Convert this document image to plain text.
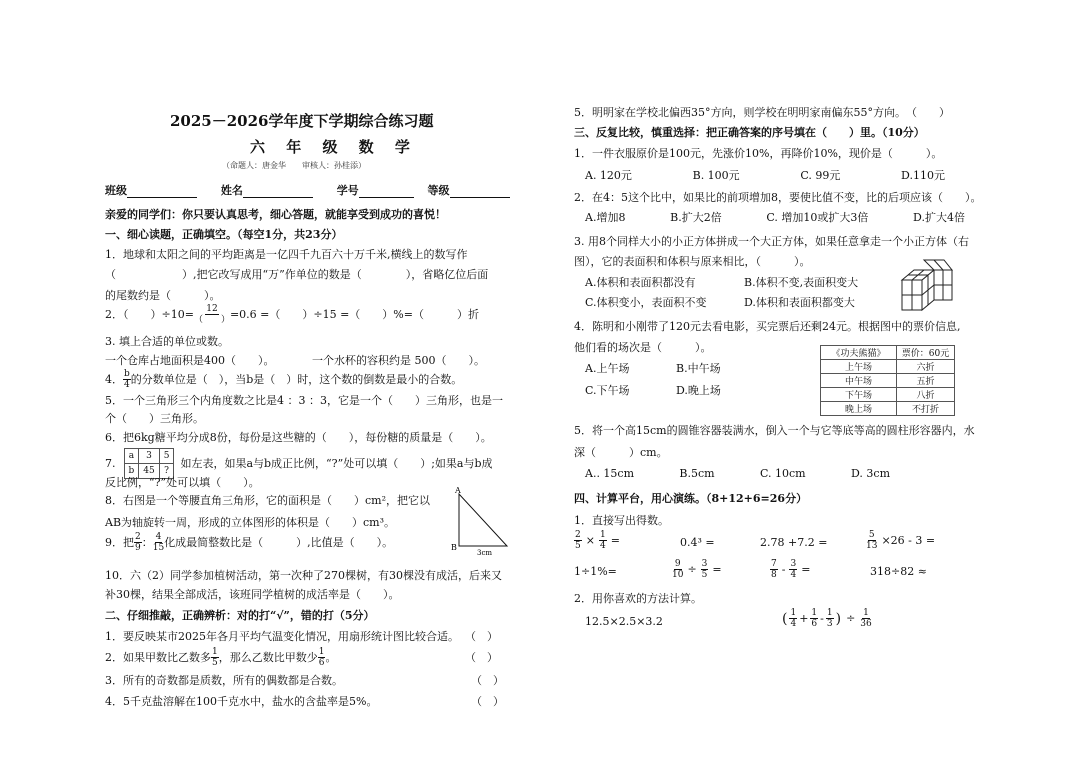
2025－2026学年度下学期综合练习题
六 年 级 数 学
（命题人：唐金华　　审核人：孙桂添）
班级	姓名	学号	等级
亲爱的同学们：你只要认真思考，细心答题，就能享受到成功的喜悦！
一、细心读题，正确填空。（每空1分，共23分）
1．地球和太阳之间的平均距离是一亿四千九百六十万千米,横线上的数写作
（　　　　　　）,把它改写成用“万”作单位的数是（　　　　），省略亿位后面
的尾数约是（　　　）。
2．（　　）$\div 10= \frac{12}{( )} =0.6$ =（　　）÷15 =（　　）%=（　　　）折
3. 填上合适的单位或数。
一个仓库占地面积是400（　　）。	一个水杯的容积约是 500（　　）。
4． $\frac{b}{4}$ 的分数单位是（　），当b是（　）时，这个数的倒数是最小的合数。
5．一个三角形三个内角度数之比是4 ：3 ：3，它是一个（　　）三角形，也是一
个（　　）三角形。
6．把6kg糖平均分成8份，每份是这些糖的（　　），每份糖的质量是（　　）。
7.
a	3	5
b	45	?
如左表，如果a与b成正比例，“?”处可以填（　　）;如果a与b成
反比例，“?”处可以填（　　）。
8．右图是一个等腰直角三角形，它的面积是（　　）cm²，把它以
AB为轴旋转一周，形成的立体图形的体积是（　　）cm³。
A
B
3cm
9．把 $\frac{2}{9}$ ： $\frac{4}{15}$ 化成最简整数比是（　　　）,比值是（　　）。
10．六（2）同学参加植树活动，第一次种了270棵树，有30棵没有成活，后来又
补30棵，结果全部成活，该班同学植树的成活率是（　　）。
二、仔细推敲，正确辨析：对的打“√”，错的打（5分）
1．要反映某市2025年各月平均气温变化情况，用扇形统计图比较合适。 （　）
2．如果甲数比乙数多 $\frac{1}{5}$ ，那么乙数比甲数少 $\frac{1}{6}$ 。	（　）
3．所有的奇数都是质数，所有的偶数都是合数。	（　）
4．5千克盐溶解在100千克水中，盐水的含盐率是5%。	（　）
5．明明家在学校北偏西35°方向，则学校在明明家南偏东55°方向。　（　　）
三、反复比较，慎重选择：把正确答案的序号填在（　　）里。（10分）
1．一件衣服原价是100元，先涨价10%，再降价10%，现价是（　　　）。
A. 120元	B. 100元	C. 99元	D.110元
2．在4：5这个比中，如果比的前项增加8，要使比值不变，比的后项应该（　　）。
A.增加8	B.扩大2倍	C. 增加10或扩大3倍	D.扩大4倍
3. 用8个同样大小的小正方体拼成一个大正方体，如果任意拿走一个小正方体（右
图），它的表面积和体积与原来相比，（　　　）。
A.体积和表面积都没有	B.体积不变,表面积变大
C.体积变小，表面积不变	D.体积和表面积都变大
4．陈明和小刚带了120元去看电影，买完票后还剩24元。根据图中的票价信息,
他们看的场次是（　　　）。
A.上午场	B.中午场
C.下午场	D.晚上场
《功夫熊猫》	票价：60元
上午场	六折
中午场	五折
下午场	八折
晚上场	不打折
5．将一个高15cm的圆锥容器装满水，倒入一个与它等底等高的圆柱形容器内，水
深（　　　）cm。
A.. 15cm	B.5cm	C. 10cm	D. 3cm
四、计算平台，用心演练。（8+12+6=26分）
1．直接写出得数。
$\frac{2}{5} \times \frac{1}{4}$ =	0.4³ =	2.78 +7.2 =	$\frac{5}{13} \times 26 - 3$ =
1÷1%=	$\frac{9}{10} \div \frac{3}{5}$ =	$\frac{7}{8} - \frac{3}{4}$ =	318÷82 ≈
2．用你喜欢的方法计算。
12.5×2.5×3.2	( $\frac{1}{4} + \frac{1}{6} - \frac{1}{3}$ ) ÷ $\frac{1}{36}$
